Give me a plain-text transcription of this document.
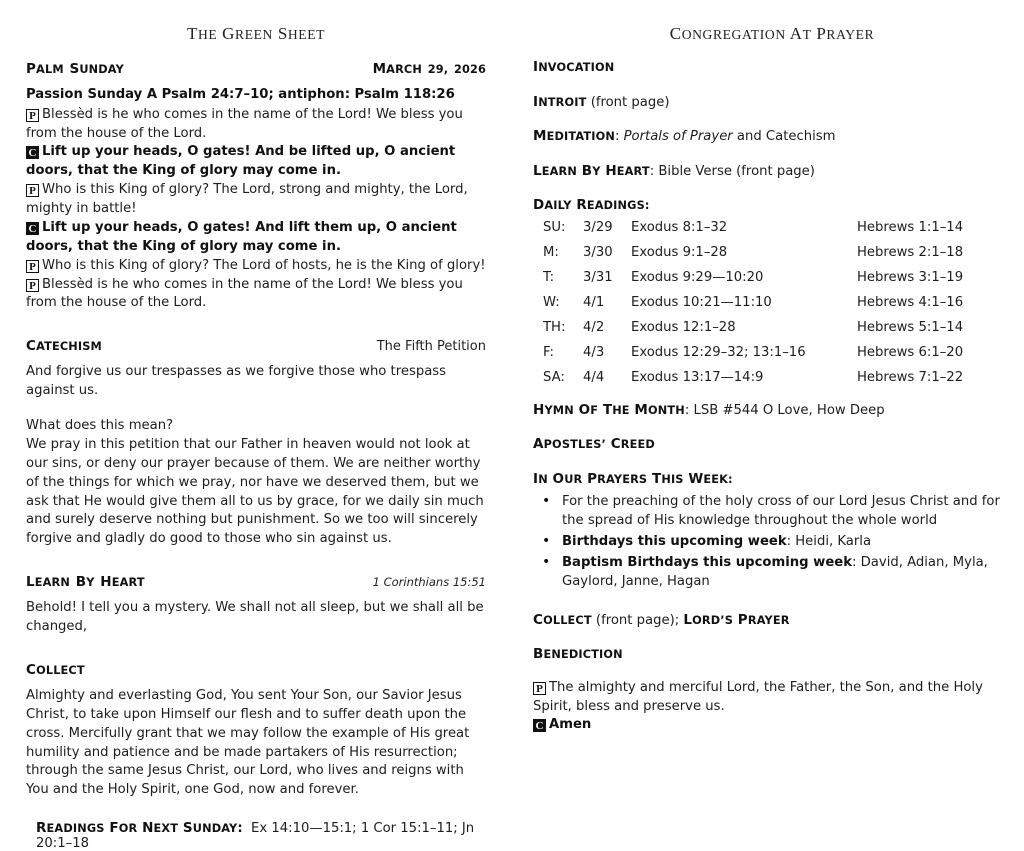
THE GREEN SHEET
PALM SUNDAY	MARCH 29, 2026
Passion Sunday A Psalm 24:7–10; antiphon: Psalm 118:26

P Blessèd is he who comes in the name of the Lord! We bless you from the house of the Lord.

C Lift up your heads, O gates! And be lifted up, O ancient doors, that the King of glory may come in.

P Who is this King of glory? The Lord, strong and mighty, the Lord, mighty in battle!

C Lift up your heads, O gates! And lift them up, O ancient doors, that the King of glory may come in.

P Who is this King of glory? The Lord of hosts, he is the King of glory!

P Blessèd is he who comes in the name of the Lord! We bless you from the house of the Lord.

CATECHISM	The Fifth Petition

And forgive us our trespasses as we forgive those who trespass against us.

What does this mean?

We pray in this petition that our Father in heaven would not look at our sins, or deny our prayer because of them. We are neither worthy of the things for which we pray, nor have we deserved them, but we ask that He would give them all to us by grace, for we daily sin much and surely deserve nothing but punishment. So we too will sincerely forgive and gladly do good to those who sin against us.

LEARN BY HEART	1 Corinthians 15:51

Behold! I tell you a mystery. We shall not all sleep, but we shall all be changed,

COLLECT

Almighty and everlasting God, You sent Your Son, our Savior Jesus Christ, to take upon Himself our flesh and to suffer death upon the cross. Mercifully grant that we may follow the example of His great humility and patience and be made partakers of His resurrection; through the same Jesus Christ, our Lord, who lives and reigns with You and the Holy Spirit, one God, now and forever.

READINGS FOR NEXT SUNDAY: Ex 14:10—15:1; 1 Cor 15:1–11; Jn 20:1–18
CONGREGATION AT PRAYER
INVOCATION
INTROIT (front page)
MEDITATION: Portals of Prayer and Catechism
LEARN BY HEART: Bible Verse (front page)
DAILY READINGS:
SU:	3/29	Exodus 8:1–32	Hebrews 1:1–14
M:	3/30	Exodus 9:1–28	Hebrews 2:1–18
T:	3/31	Exodus 9:29—10:20	Hebrews 3:1–19
W:	4/1	Exodus 10:21—11:10	Hebrews 4:1–16
TH:	4/2	Exodus 12:1–28	Hebrews 5:1–14
F:	4/3	Exodus 12:29–32; 13:1–16	Hebrews 6:1–20
SA:	4/4	Exodus 13:17—14:9	Hebrews 7:1–22
HYMN OF THE MONTH: LSB #544 O Love, How Deep
APOSTLES’ CREED
IN OUR PRAYERS THIS WEEK:
• For the preaching of the holy cross of our Lord Jesus Christ and for the spread of His knowledge throughout the whole world
• Birthdays this upcoming week: Heidi, Karla
• Baptism Birthdays this upcoming week: David, Adian, Myla, Gaylord, Janne, Hagan
COLLECT (front page); LORD’S PRAYER
BENEDICTION

P The almighty and merciful Lord, the Father, the Son, and the Holy Spirit, bless and preserve us.

C Amen
